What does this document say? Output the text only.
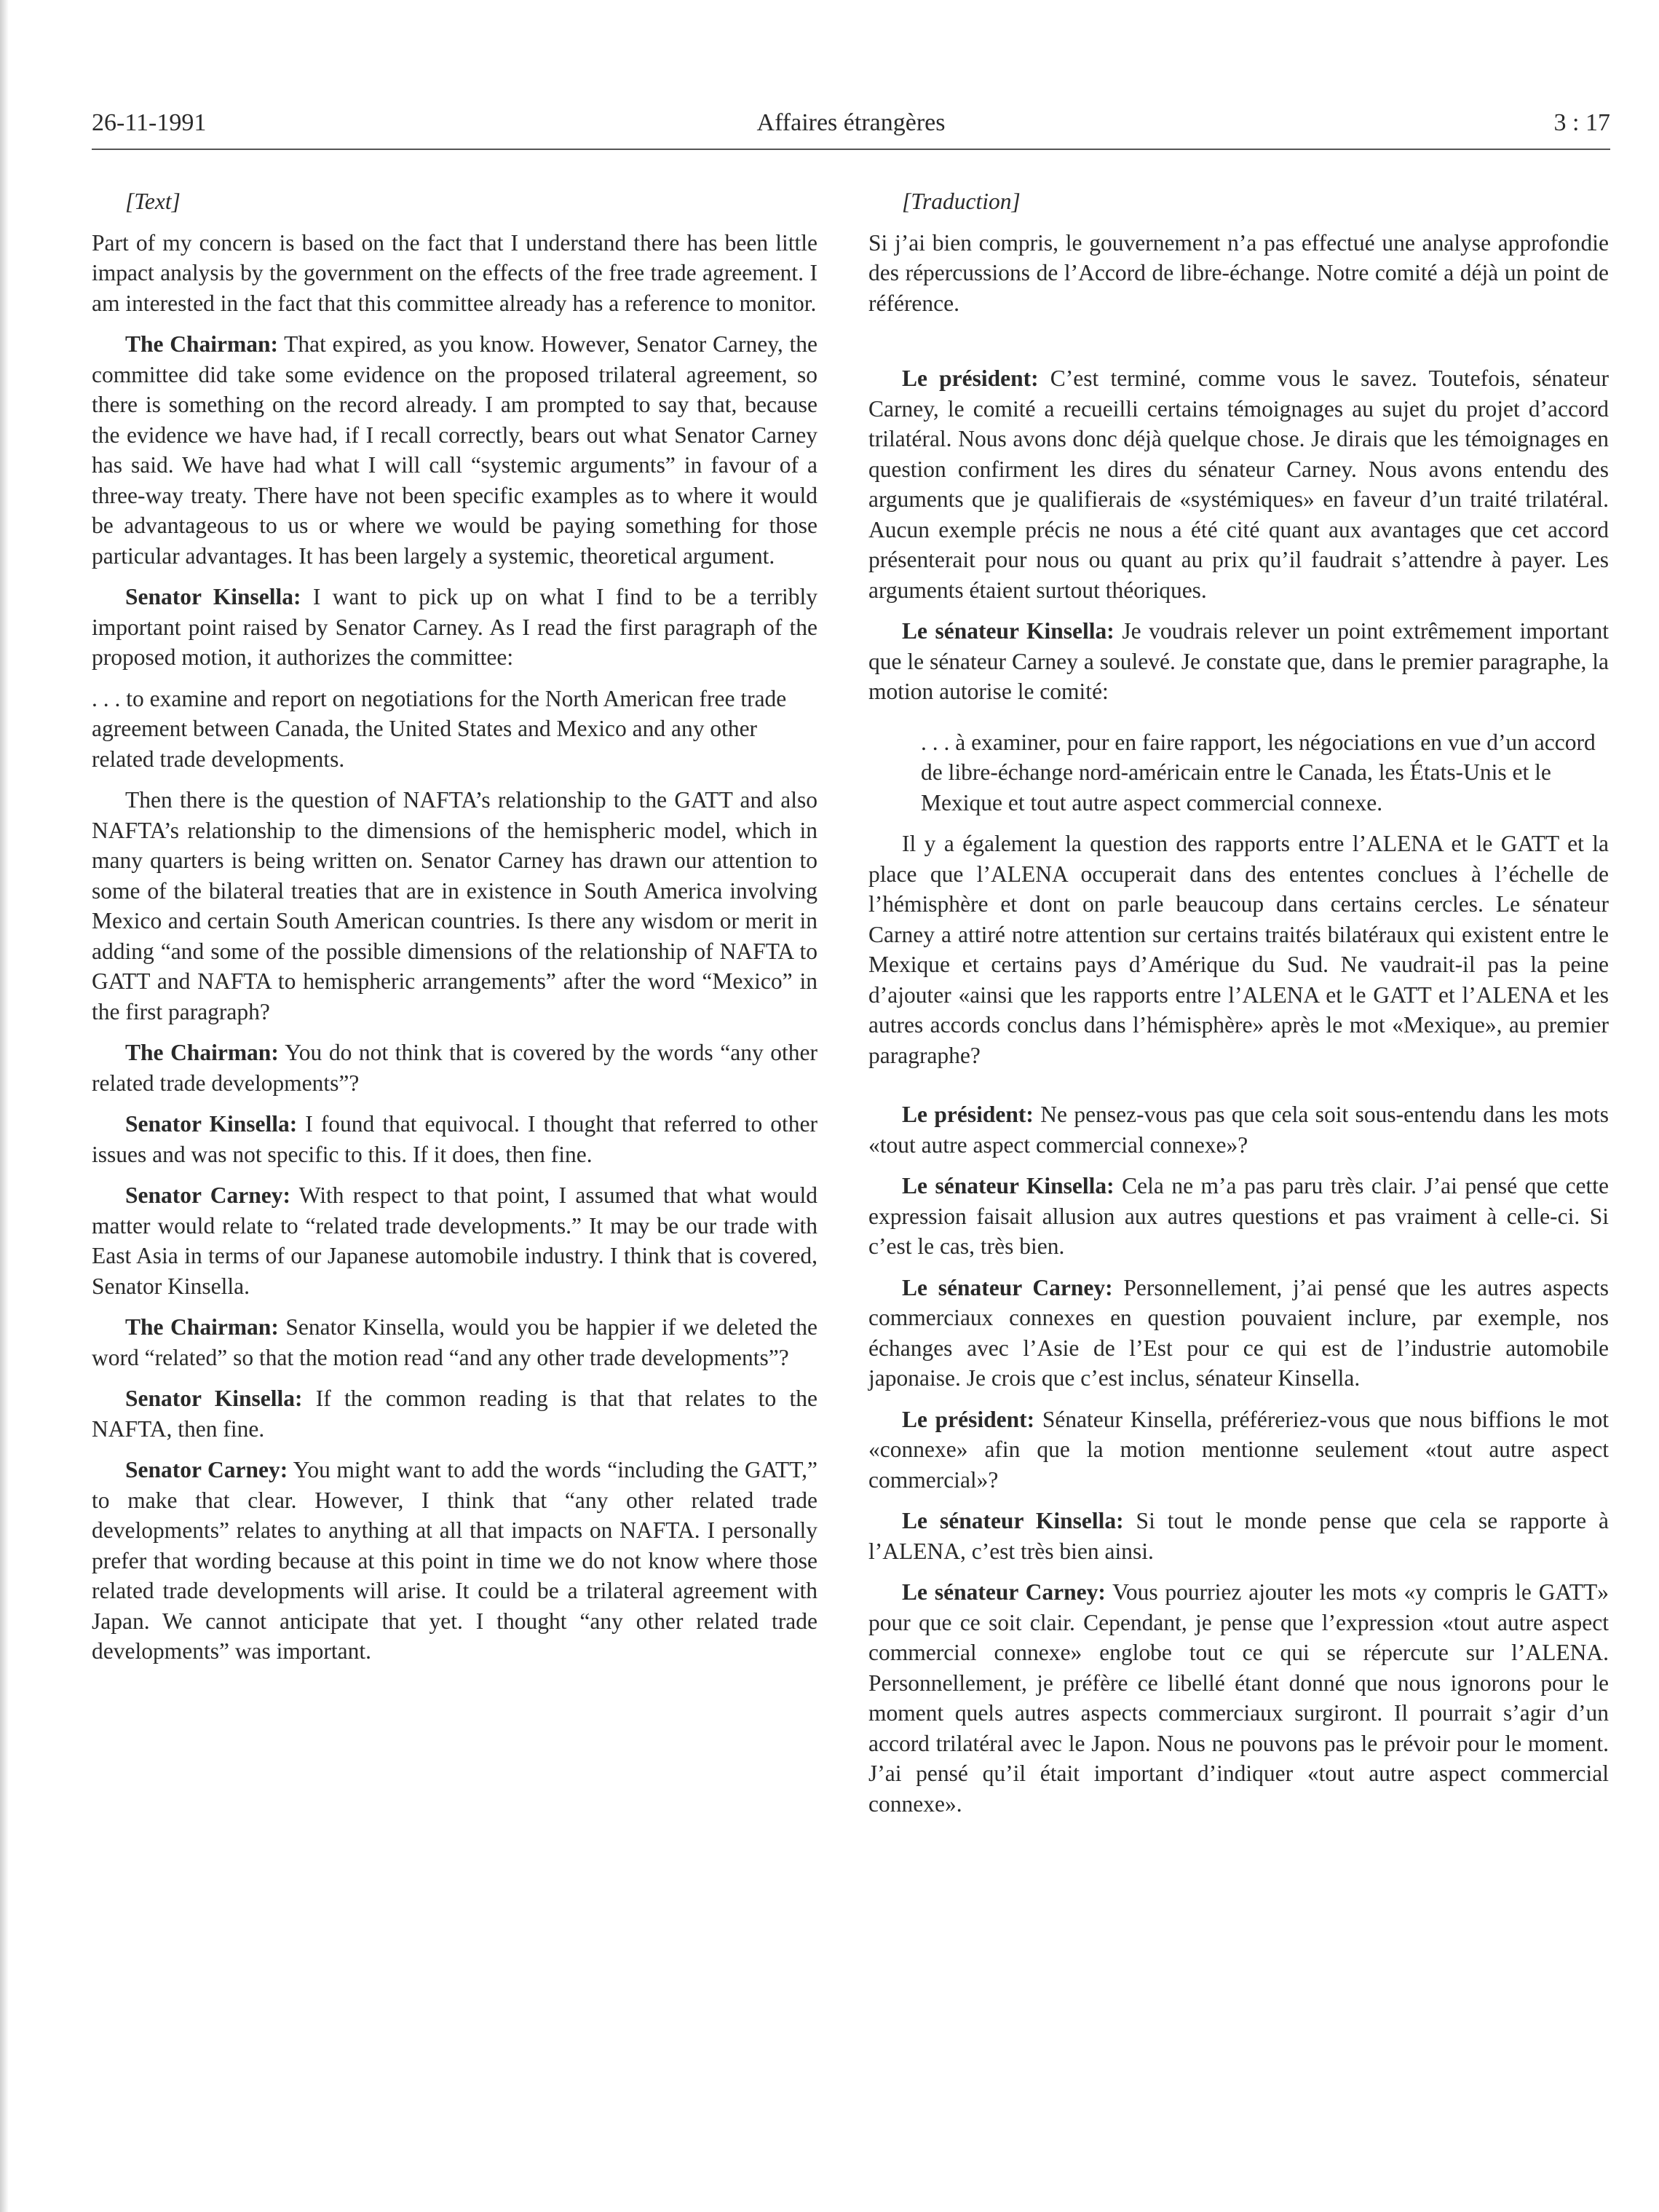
26-11-1991	Affaires étrangères	3 : 17

[Text]

Part of my concern is based on the fact that I understand there has been little impact analysis by the government on the effects of the free trade agreement. I am interested in the fact that this committee already has a reference to monitor.

The Chairman: That expired, as you know. However, Senator Carney, the committee did take some evidence on the proposed trilateral agreement, so there is something on the record already. I am prompted to say that, because the evidence we have had, if I recall correctly, bears out what Senator Carney has said. We have had what I will call “systemic arguments” in favour of a three-way treaty. There have not been specific examples as to where it would be advantageous to us or where we would be paying something for those particular advantages. It has been largely a systemic, theoretical argument.

Senator Kinsella: I want to pick up on what I find to be a terribly important point raised by Senator Carney. As I read the first paragraph of the proposed motion, it authorizes the committee:

. . . to examine and report on negotiations for the North American free trade agreement between Canada, the United States and Mexico and any other related trade developments.

Then there is the question of NAFTA’s relationship to the GATT and also NAFTA’s relationship to the dimensions of the hemispheric model, which in many quarters is being written on. Senator Carney has drawn our attention to some of the bilateral treaties that are in existence in South America involving Mexico and certain South American countries. Is there any wisdom or merit in adding “and some of the possible dimensions of the relationship of NAFTA to GATT and NAFTA to hemispheric arrangements” after the word “Mexico” in the first paragraph?

The Chairman: You do not think that is covered by the words “any other related trade developments”?

Senator Kinsella: I found that equivocal. I thought that referred to other issues and was not specific to this. If it does, then fine.

Senator Carney: With respect to that point, I assumed that what would matter would relate to “related trade developments.” It may be our trade with East Asia in terms of our Japanese automobile industry. I think that is covered, Senator Kinsella.

The Chairman: Senator Kinsella, would you be happier if we deleted the word “related” so that the motion read “and any other trade developments”?

Senator Kinsella: If the common reading is that that relates to the NAFTA, then fine.

Senator Carney: You might want to add the words “including the GATT,” to make that clear. However, I think that “any other related trade developments” relates to anything at all that impacts on NAFTA. I personally prefer that wording because at this point in time we do not know where those related trade developments will arise. It could be a trilateral agreement with Japan. We cannot anticipate that yet. I thought “any other related trade developments” was important.

[Traduction]

Si j’ai bien compris, le gouvernement n’a pas effectué une analyse approfondie des répercussions de l’Accord de libre-échange. Notre comité a déjà un point de référence.

Le président: C’est terminé, comme vous le savez. Toutefois, sénateur Carney, le comité a recueilli certains témoignages au sujet du projet d’accord trilatéral. Nous avons donc déjà quelque chose. Je dirais que les témoignages en question confirment les dires du sénateur Carney. Nous avons entendu des arguments que je qualifierais de «systémiques» en faveur d’un traité trilatéral. Aucun exemple précis ne nous a été cité quant aux avantages que cet accord présenterait pour nous ou quant au prix qu’il faudrait s’attendre à payer. Les arguments étaient surtout théoriques.

Le sénateur Kinsella: Je voudrais relever un point extrêmement important que le sénateur Carney a soulevé. Je constate que, dans le premier paragraphe, la motion autorise le comité:

. . . à examiner, pour en faire rapport, les négociations en vue d’un accord de libre-échange nord-américain entre le Canada, les États-Unis et le Mexique et tout autre aspect commercial connexe.

Il y a également la question des rapports entre l’ALENA et le GATT et la place que l’ALENA occuperait dans des ententes conclues à l’échelle de l’hémisphère et dont on parle beaucoup dans certains cercles. Le sénateur Carney a attiré notre attention sur certains traités bilatéraux qui existent entre le Mexique et certains pays d’Amérique du Sud. Ne vaudrait-il pas la peine d’ajouter «ainsi que les rapports entre l’ALENA et le GATT et l’ALENA et les autres accords conclus dans l’hémisphère» après le mot «Mexique», au premier paragraphe?

Le président: Ne pensez-vous pas que cela soit sous-entendu dans les mots «tout autre aspect commercial connexe»?

Le sénateur Kinsella: Cela ne m’a pas paru très clair. J’ai pensé que cette expression faisait allusion aux autres questions et pas vraiment à celle-ci. Si c’est le cas, très bien.

Le sénateur Carney: Personnellement, j’ai pensé que les autres aspects commerciaux connexes en question pouvaient inclure, par exemple, nos échanges avec l’Asie de l’Est pour ce qui est de l’industrie automobile japonaise. Je crois que c’est inclus, sénateur Kinsella.

Le président: Sénateur Kinsella, préféreriez-vous que nous biffions le mot «connexe» afin que la motion mentionne seulement «tout autre aspect commercial»?

Le sénateur Kinsella: Si tout le monde pense que cela se rapporte à l’ALENA, c’est très bien ainsi.

Le sénateur Carney: Vous pourriez ajouter les mots «y compris le GATT» pour que ce soit clair. Cependant, je pense que l’expression «tout autre aspect commercial connexe» englobe tout ce qui se répercute sur l’ALENA. Personnellement, je préfère ce libellé étant donné que nous ignorons pour le moment quels autres aspects commerciaux surgiront. Il pourrait s’agir d’un accord trilatéral avec le Japon. Nous ne pouvons pas le prévoir pour le moment. J’ai pensé qu’il était important d’indiquer «tout autre aspect commercial connexe».
